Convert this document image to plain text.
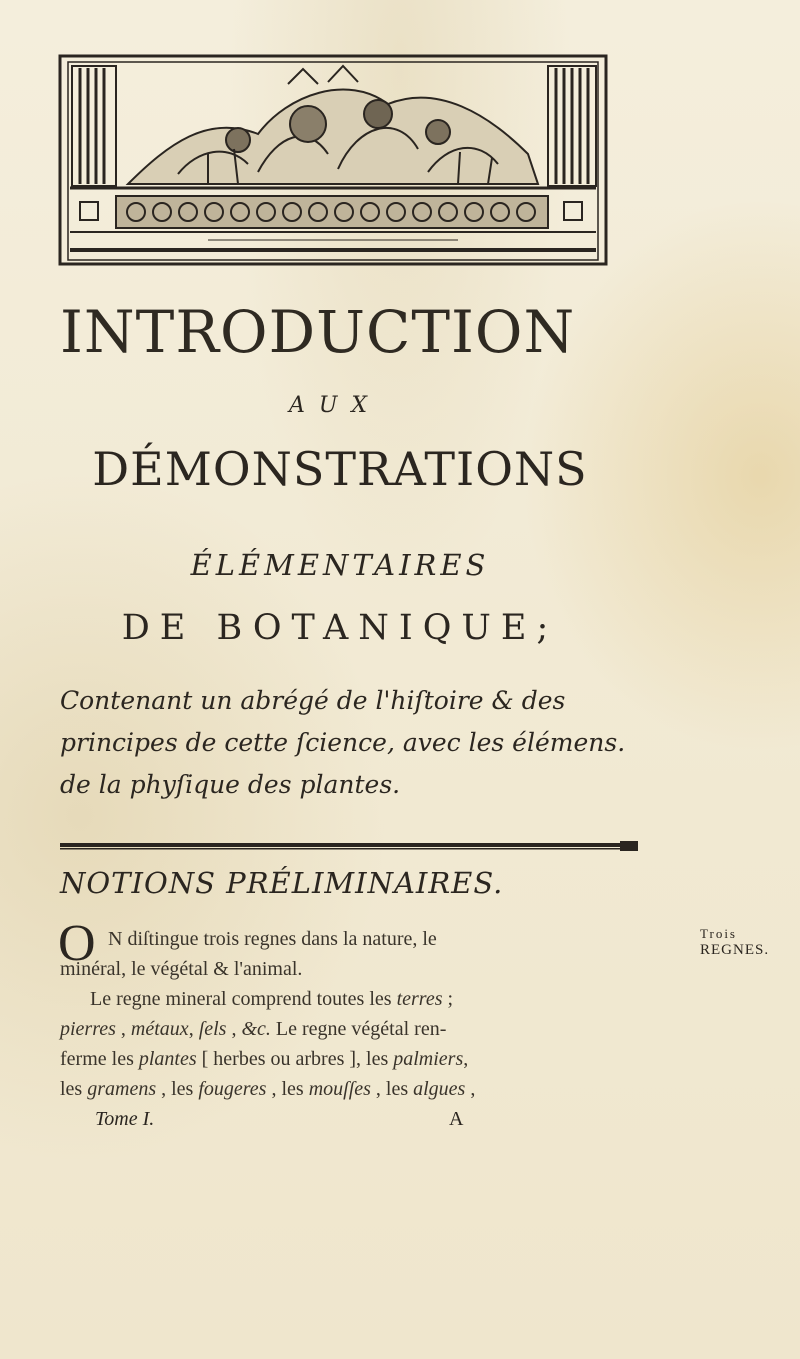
INTRODUCTION
AUX
DÉMONSTRATIONS
ÉLÉMENTAIRES
DE BOTANIQUE;
Contenant un abrégé de l'hiſtoire & des
principes de cette ſcience, avec les élémens.
de la phyſique des plantes.
NOTIONS PRÉLIMINAIRES.
O N diſtingue trois regnes dans la nature, le
minéral, le végétal & l'animal.
Le regne mineral comprend toutes les terres ;
pierres , métaux, ſels , &c. Le regne végétal ren-
ferme les plantes [ herbes ou arbres ], les palmiers,
les gramens , les fougeres , les mouſſes , les algues ,
Tome I.	A
Trois
REGNES.
